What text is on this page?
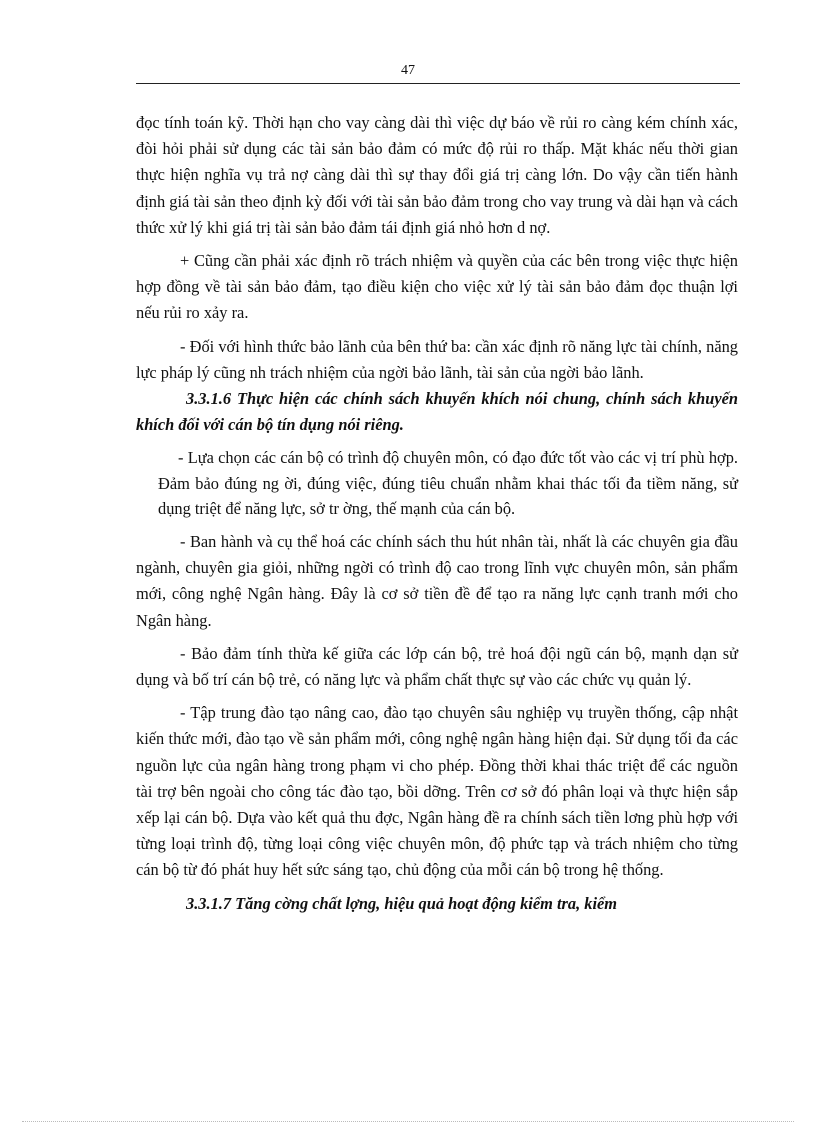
47

đọc tính toán kỹ. Thời hạn cho vay càng dài thì việc dự báo về rủi ro càng kém chính xác, đòi hỏi phải sử dụng các tài sản bảo đảm có mức độ rủi ro thấp. Mặt khác nếu thời gian thực hiện nghĩa vụ trả nợ càng dài thì sự thay đổi giá trị càng lớn. Do vậy cần tiến hành định giá tài sản theo định kỳ đối với tài sản bảo đảm trong cho vay trung và dài hạn và cách thức xử lý khi giá trị tài sản bảo đảm tái định giá nhỏ hơn d nợ.

+ Cũng cần phải xác định rõ trách nhiệm và quyền của các bên trong việc thực hiện hợp đồng về tài sản bảo đảm, tạo điều kiện cho việc xử lý tài sản bảo đảm đọc thuận lợi nếu rủi ro xảy ra.

- Đối với hình thức bảo lãnh của bên thứ ba: cần xác định rõ năng lực tài chính, năng lực pháp lý cũng nh trách nhiệm của ngời bảo lãnh, tài sản của ngời bảo lãnh.

3.3.1.6 Thực hiện các chính sách khuyến khích nói chung, chính sách khuyến khích đối với cán bộ tín dụng nói riêng.

- Lựa chọn các cán bộ có trình độ chuyên môn, có đạo đức tốt vào các vị trí phù hợp. Đảm bảo đúng ng ời, đúng việc, đúng tiêu chuẩn nhằm khai thác tối đa tiềm năng, sử dụng triệt để năng lực, sở tr ờng, thế mạnh của cán bộ.

- Ban hành và cụ thể hoá các chính sách thu hút nhân tài, nhất là các chuyên gia đầu ngành, chuyên gia giỏi, những ngời có trình độ cao trong lĩnh vực chuyên môn, sản phẩm mới, công nghệ Ngân hàng. Đây là cơ sở tiền đề để tạo ra năng lực cạnh tranh mới cho Ngân hàng.

- Bảo đảm tính thừa kế giữa các lớp cán bộ, trẻ hoá đội ngũ cán bộ, mạnh dạn sử dụng và bố trí cán bộ trẻ, có năng lực và phẩm chất thực sự vào các chức vụ quản lý.

- Tập trung đào tạo nâng cao, đào tạo chuyên sâu nghiệp vụ truyền thống, cập nhật kiến thức mới, đào tạo về sản phẩm mới, công nghệ ngân hàng hiện đại. Sử dụng tối đa các nguồn lực của ngân hàng trong phạm vi cho phép. Đồng thời khai thác triệt để các nguồn tài trợ bên ngoài cho công tác đào tạo, bồi dỡng. Trên cơ sở đó phân loại và thực hiện sắp xếp lại cán bộ. Dựa vào kết quả thu đợc, Ngân hàng đề ra chính sách tiền lơng phù hợp với từng loại trình độ, từng loại công việc chuyên môn, độ phức tạp và trách nhiệm cho từng cán bộ từ đó phát huy hết sức sáng tạo, chủ động của mỗi cán bộ trong hệ thống.

3.3.1.7 Tăng cờng chất lợng, hiệu quả hoạt động kiểm tra, kiểm
